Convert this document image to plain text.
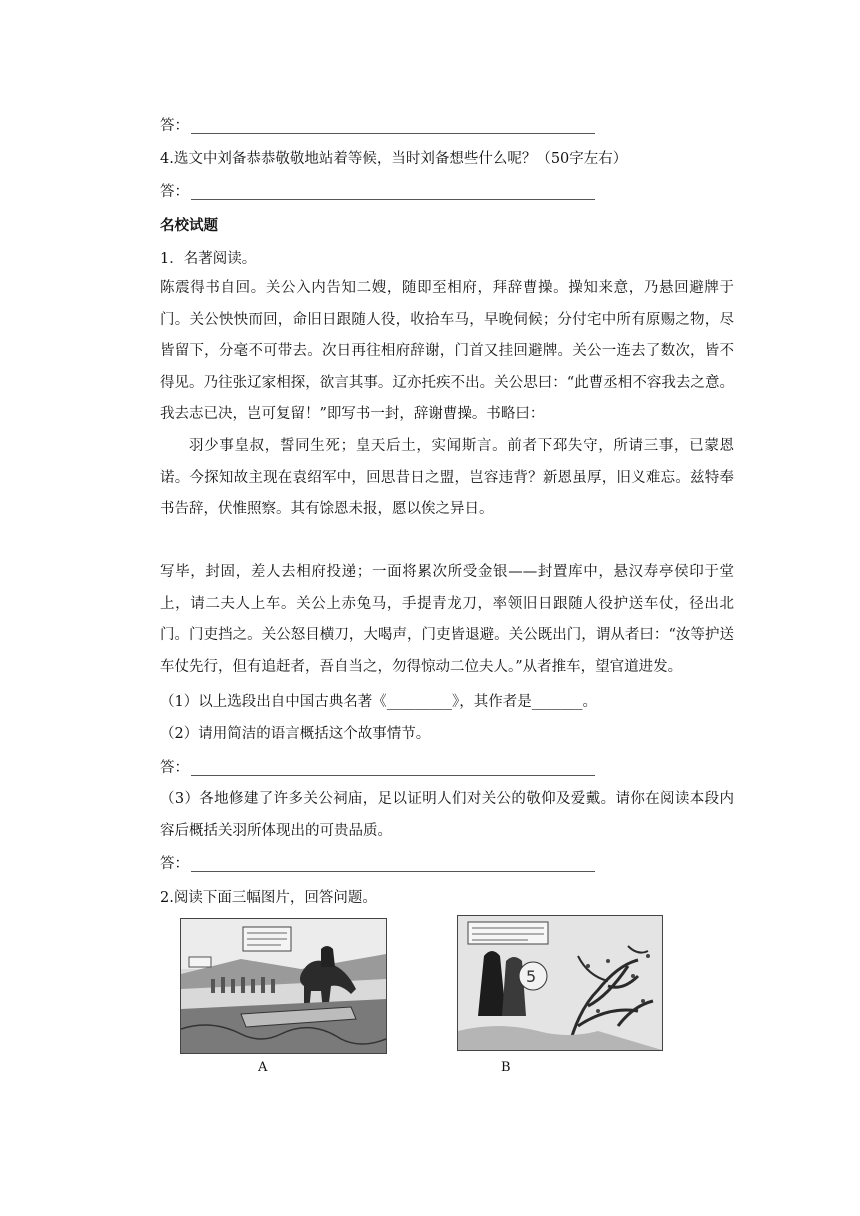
答：
4.选文中刘备恭恭敬敬地站着等候，当时刘备想些什么呢？（50字左右）
答：
名校试题
1．名著阅读。
陈震得书自回。关公入内告知二嫂，随即至相府，拜辞曹操。操知来意，乃悬回避牌于门。关公怏怏而回，命旧日跟随人役，收拾车马，早晚伺候；分付宅中所有原赐之物，尽皆留下，分毫不可带去。次日再往相府辞谢，门首又挂回避牌。关公一连去了数次，皆不得见。乃往张辽家相探，欲言其事。辽亦托疾不出。关公思曰：“此曹丞相不容我去之意。我去志已决，岂可复留！”即写书一封，辞谢曹操。书略曰：
羽少事皇叔，誓同生死；皇天后土，实闻斯言。前者下邳失守，所请三事，已蒙恩诺。今探知故主现在袁绍军中，回思昔日之盟，岂容违背？新恩虽厚，旧义难忘。兹特奉书告辞，伏惟照察。其有馀恩未报，愿以俟之异日。
写毕，封固，差人去相府投递；一面将累次所受金银——封置库中，悬汉寿亭侯印于堂上，请二夫人上车。关公上赤兔马，手提青龙刀，率领旧日跟随人役护送车仗，径出北门。门吏挡之。关公怒目横刀，大喝声，门吏皆退避。关公既出门，谓从者曰：“汝等护送车仗先行，但有追赶者，吾自当之，勿得惊动二位夫人。”从者推车，望官道进发。
（1）以上选段出自中国古典名著《_________》，其作者是_______。
（2）请用简洁的语言概括这个故事情节。
答：
（3）各地修建了许多关公祠庙，足以证明人们对关公的敬仰及爱戴。请你在阅读本段内容后概括关羽所体现出的可贵品质。
答：
2.阅读下面三幅图片，回答问题。
A
5
B
